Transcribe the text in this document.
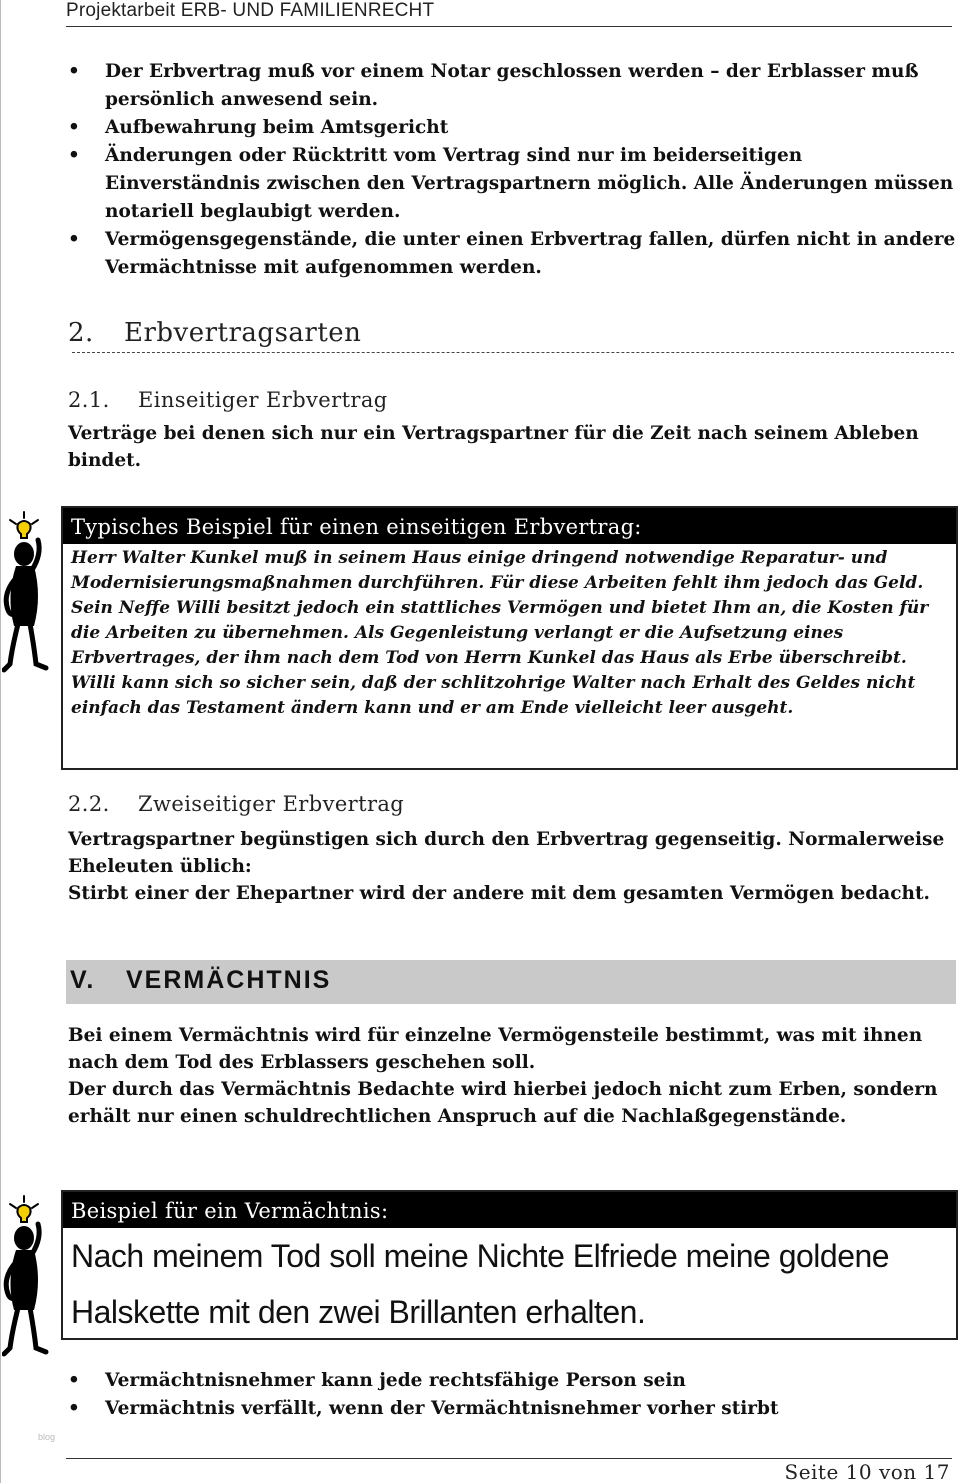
Projektarbeit ERB- UND FAMILIENRECHT
• Der Erbvertrag muß vor einem Notar geschlossen werden – der Erblasser muß persönlich anwesend sein.
• Aufbewahrung beim Amtsgericht
• Änderungen oder Rücktritt vom Vertrag sind nur im beiderseitigen Einverständnis zwischen den Vertragspartnern möglich. Alle Änderungen müssen notariell beglaubigt werden.
• Vermögensgegenstände, die unter einen Erbvertrag fallen, dürfen nicht in andere Vermächtnisse mit aufgenommen werden.
2. Erbvertragsarten
2.1. Einseitiger Erbvertrag
Verträge bei denen sich nur ein Vertragspartner für die Zeit nach seinem Ableben bindet.
Typisches Beispiel für einen einseitigen Erbvertrag:

Herr Walter Kunkel muß in seinem Haus einige dringend notwendige Reparatur- und Modernisierungsmaßnahmen durchführen. Für diese Arbeiten fehlt ihm jedoch das Geld.

Sein Neffe Willi besitzt jedoch ein stattliches Vermögen und bietet Ihm an, die Kosten für die Arbeiten zu übernehmen. Als Gegenleistung verlangt er die Aufsetzung eines Erbvertrages, der ihm nach dem Tod von Herrn Kunkel das Haus als Erbe überschreibt.

Willi kann sich so sicher sein, daß der schlitzohrige Walter nach Erhalt des Geldes nicht einfach das Testament ändern kann und er am Ende vielleicht leer ausgeht.

2.2. Zweiseitiger Erbvertrag
Vertragspartner begünstigen sich durch den Erbvertrag gegenseitig. Normalerweise Eheleuten üblich:
Stirbt einer der Ehepartner wird der andere mit dem gesamten Vermögen bedacht.
V. VERMÄCHTNIS
Bei einem Vermächtnis wird für einzelne Vermögensteile bestimmt, was mit ihnen nach dem Tod des Erblassers geschehen soll.
Der durch das Vermächtnis Bedachte wird hierbei jedoch nicht zum Erben, sondern erhält nur einen schuldrechtlichen Anspruch auf die Nachlaßgegenstände.
Beispiel für ein Vermächtnis:
Nach meinem Tod soll meine Nichte Elfriede meine goldene Halskette mit den zwei Brillanten erhalten.
• Vermächtnisnehmer kann jede rechtsfähige Person sein
• Vermächtnis verfällt, wenn der Vermächtnisnehmer vorher stirbt
blog
Seite 10 von 17
